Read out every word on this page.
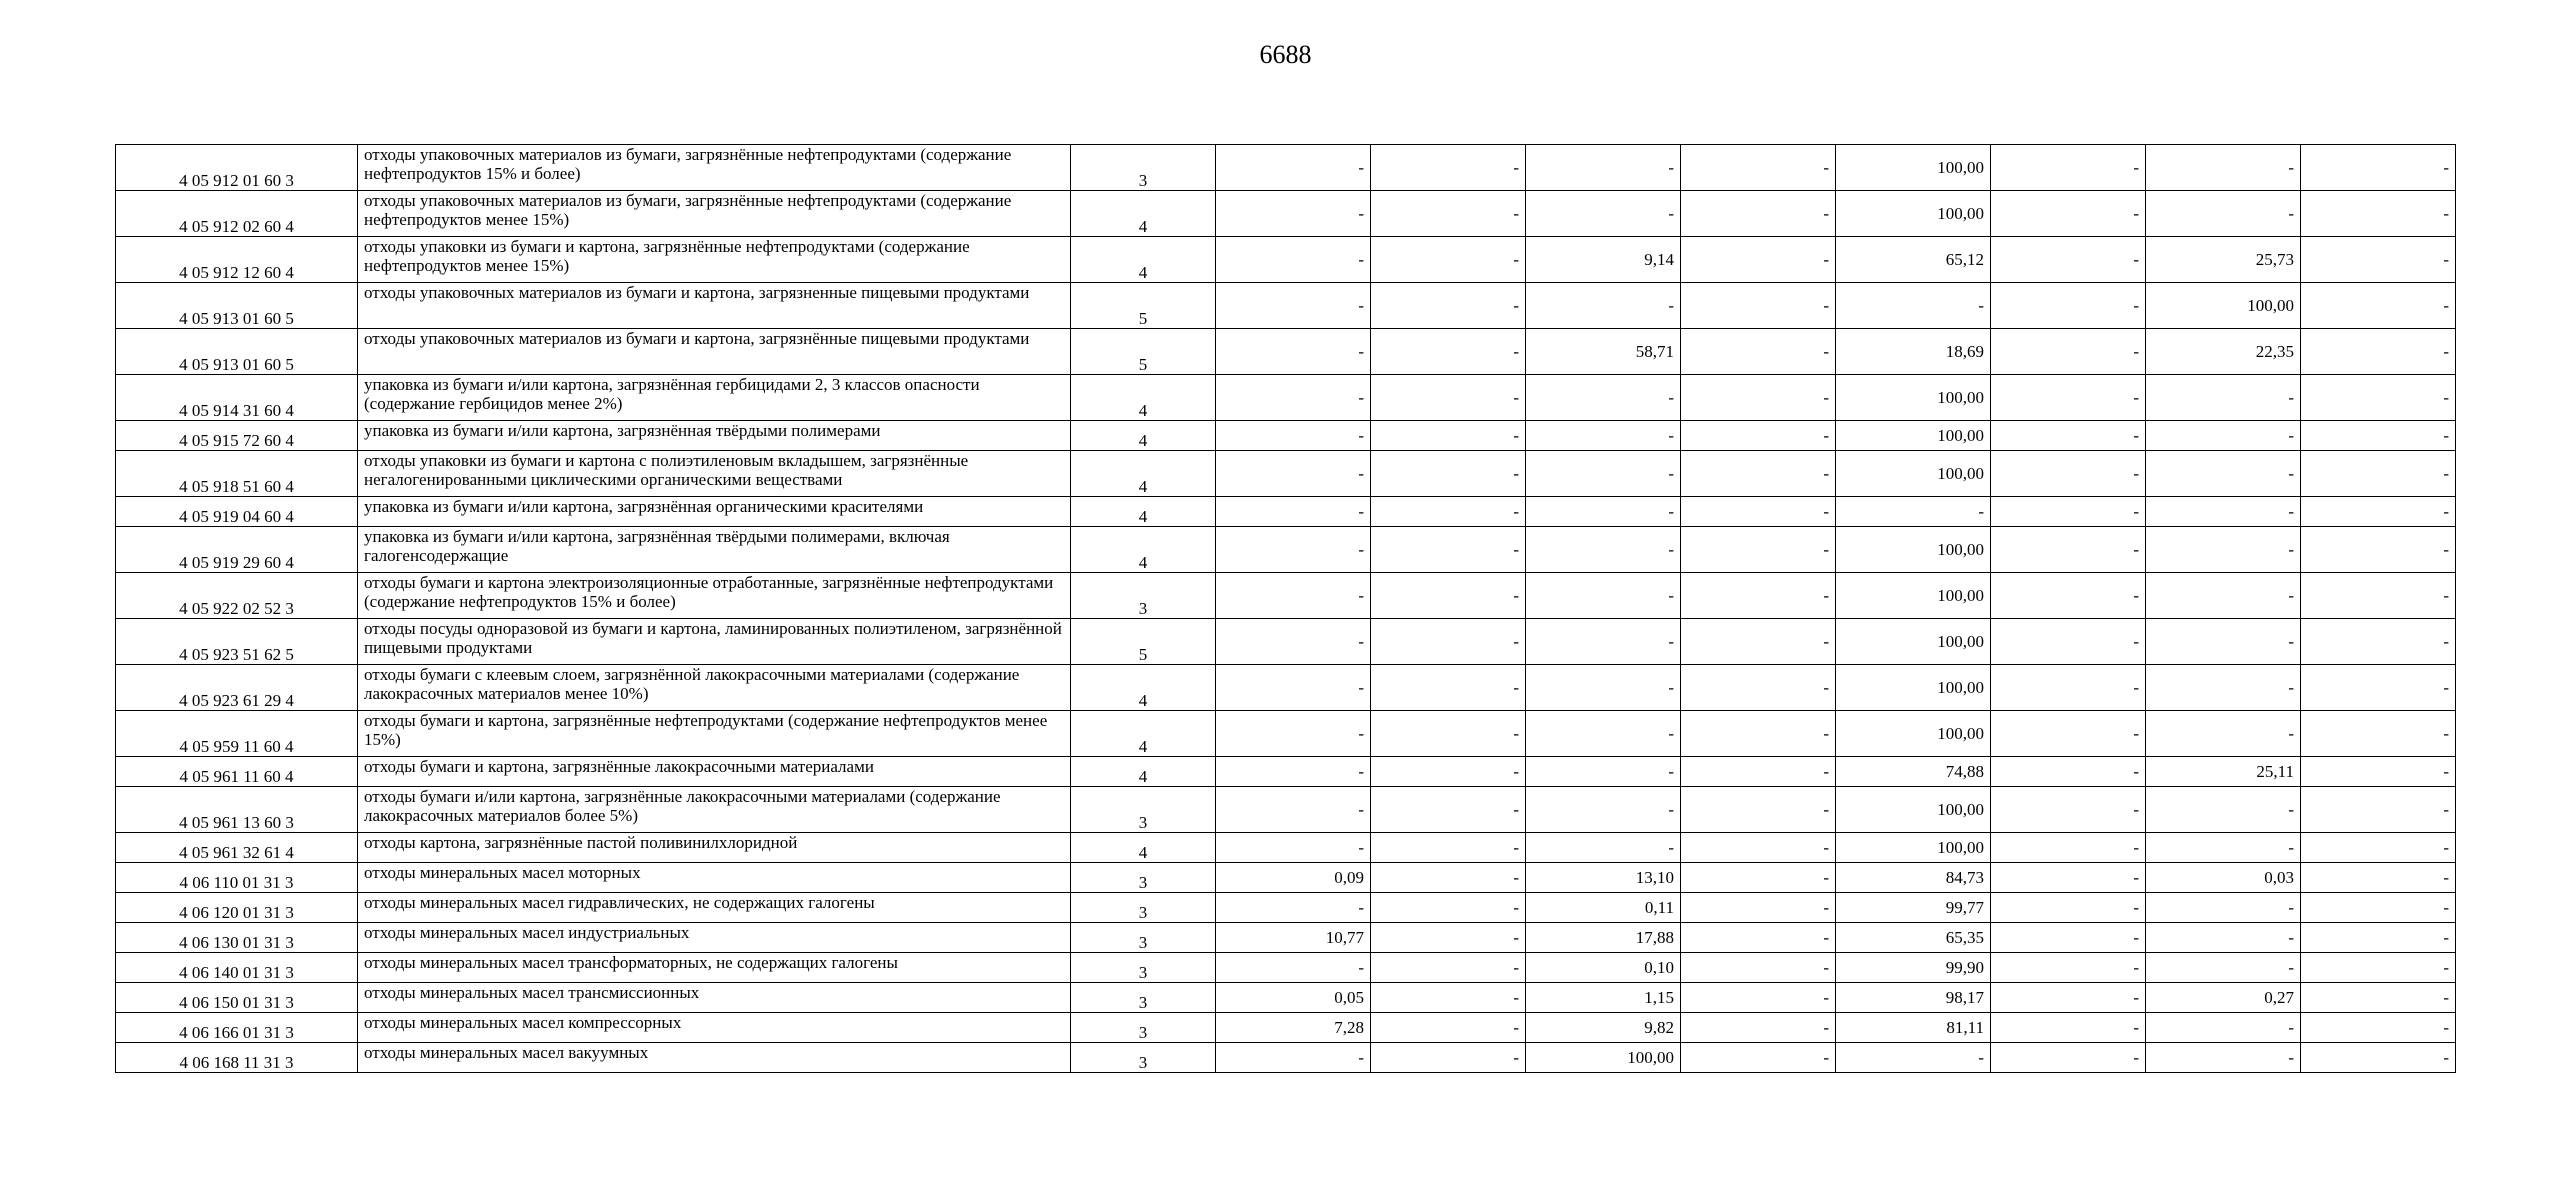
6688
4 05 912 01 60 3	отходы упаковочных материалов из бумаги, загрязнённые нефтепродуктами (содержание нефтепродуктов 15% и более)	3	-	-	-	-	100,00	-	-	-
4 05 912 02 60 4	отходы упаковочных материалов из бумаги, загрязнённые нефтепродуктами (содержание нефтепродуктов менее 15%)	4	-	-	-	-	100,00	-	-	-
4 05 912 12 60 4	отходы упаковки из бумаги и картона, загрязнённые нефтепродуктами (содержание нефтепродуктов менее 15%)	4	-	-	9,14	-	65,12	-	25,73	-
4 05 913 01 60 5	отходы упаковочных материалов из бумаги и картона, загрязненные пищевыми продуктами	5	-	-	-	-	-	-	100,00	-
4 05 913 01 60 5	отходы упаковочных материалов из бумаги и картона, загрязнённые пищевыми продуктами	5	-	-	58,71	-	18,69	-	22,35	-
4 05 914 31 60 4	упаковка из бумаги и/или картона, загрязнённая гербицидами 2, 3 классов опасности (содержание гербицидов менее 2%)	4	-	-	-	-	100,00	-	-	-
4 05 915 72 60 4	упаковка из бумаги и/или картона, загрязнённая твёрдыми полимерами	4	-	-	-	-	100,00	-	-	-
4 05 918 51 60 4	отходы упаковки из бумаги и картона с полиэтиленовым вкладышем, загрязнённые негалогенированными циклическими органическими веществами	4	-	-	-	-	100,00	-	-	-
4 05 919 04 60 4	упаковка из бумаги и/или картона, загрязнённая органическими красителями	4	-	-	-	-	-	-	-	-
4 05 919 29 60 4	упаковка из бумаги и/или картона, загрязнённая твёрдыми полимерами, включая галогенсодержащие	4	-	-	-	-	100,00	-	-	-
4 05 922 02 52 3	отходы бумаги и картона электроизоляционные отработанные, загрязнённые нефтепродуктами (содержание нефтепродуктов 15% и более)	3	-	-	-	-	100,00	-	-	-
4 05 923 51 62 5	отходы посуды одноразовой из бумаги и картона, ламинированных полиэтиленом, загрязнённой пищевыми продуктами	5	-	-	-	-	100,00	-	-	-
4 05 923 61 29 4	отходы бумаги с клеевым слоем, загрязнённой лакокрасочными материалами (содержание лакокрасочных материалов менее 10%)	4	-	-	-	-	100,00	-	-	-
4 05 959 11 60 4	отходы бумаги и картона, загрязнённые нефтепродуктами (содержание нефтепродуктов менее 15%)	4	-	-	-	-	100,00	-	-	-
4 05 961 11 60 4	отходы бумаги и картона, загрязнённые лакокрасочными материалами	4	-	-	-	-	74,88	-	25,11	-
4 05 961 13 60 3	отходы бумаги и/или картона, загрязнённые лакокрасочными материалами (содержание лакокрасочных материалов более 5%)	3	-	-	-	-	100,00	-	-	-
4 05 961 32 61 4	отходы картона, загрязнённые пастой поливинилхлоридной	4	-	-	-	-	100,00	-	-	-
4 06 110 01 31 3	отходы минеральных масел моторных	3	0,09	-	13,10	-	84,73	-	0,03	-
4 06 120 01 31 3	отходы минеральных масел гидравлических, не содержащих галогены	3	-	-	0,11	-	99,77	-	-	-
4 06 130 01 31 3	отходы минеральных масел индустриальных	3	10,77	-	17,88	-	65,35	-	-	-
4 06 140 01 31 3	отходы минеральных масел трансформаторных, не содержащих галогены	3	-	-	0,10	-	99,90	-	-	-
4 06 150 01 31 3	отходы минеральных масел трансмиссионных	3	0,05	-	1,15	-	98,17	-	0,27	-
4 06 166 01 31 3	отходы минеральных масел компрессорных	3	7,28	-	9,82	-	81,11	-	-	-
4 06 168 11 31 3	отходы минеральных масел вакуумных	3	-	-	100,00	-	-	-	-	-
